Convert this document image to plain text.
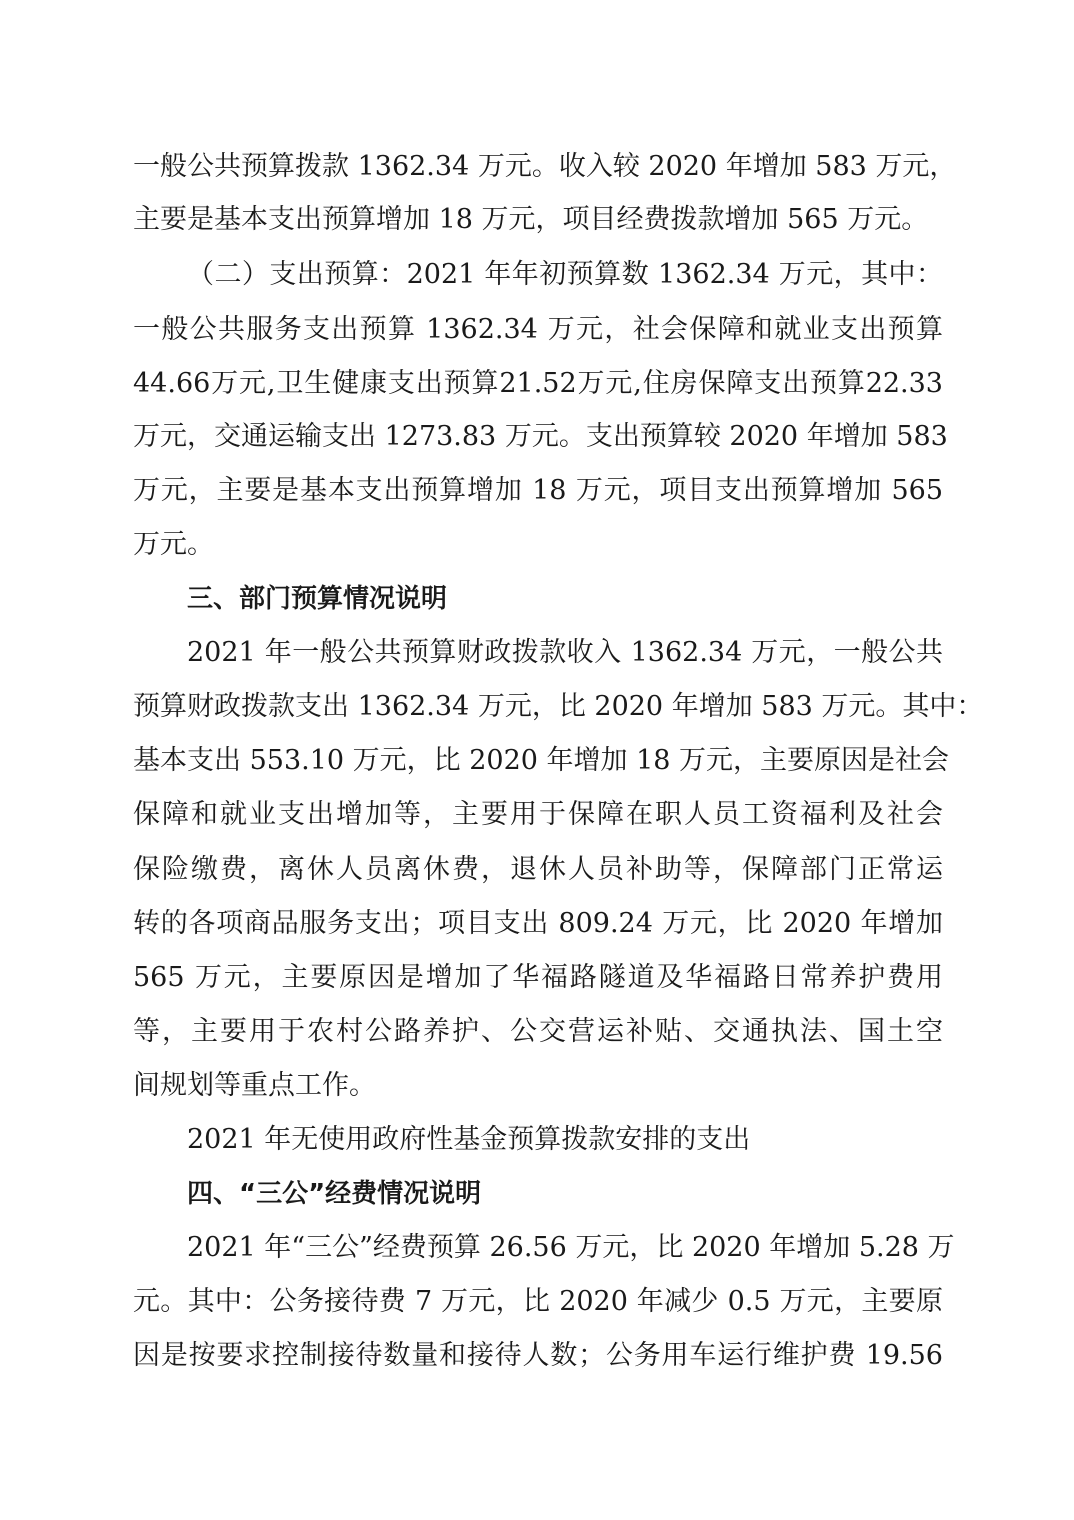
一般公共预算拨款 1362.34 万元。收入较 2020 年增加 583 万元，
主要是基本支出预算增加 18 万元，项目经费拨款增加 565 万元。
（二）支出预算：2021 年年初预算数 1362.34 万元，其中：
一般公共服务支出预算 1362.34 万元，社会保障和就业支出预算
44.66万元,卫生健康支出预算21.52万元,住房保障支出预算22.33
万元，交通运输支出 1273.83 万元。支出预算较 2020 年增加 583
万元，主要是基本支出预算增加 18 万元，项目支出预算增加 565
万元。
三、部门预算情况说明
2021 年一般公共预算财政拨款收入 1362.34 万元，一般公共
预算财政拨款支出 1362.34 万元，比 2020 年增加 583 万元。其中：
基本支出 553.10 万元，比 2020 年增加 18 万元，主要原因是社会
保障和就业支出增加等，主要用于保障在职人员工资福利及社会
保险缴费，离休人员离休费，退休人员补助等，保障部门正常运
转的各项商品服务支出；项目支出 809.24 万元，比 2020 年增加
565 万元，主要原因是增加了华福路隧道及华福路日常养护费用
等，主要用于农村公路养护、公交营运补贴、交通执法、国土空
间规划等重点工作。
2021 年无使用政府性基金预算拨款安排的支出
四、“三公”经费情况说明
2021 年“三公”经费预算 26.56 万元，比 2020 年增加 5.28 万
元。其中：公务接待费 7 万元，比 2020 年减少 0.5 万元，主要原
因是按要求控制接待数量和接待人数；公务用车运行维护费 19.56
